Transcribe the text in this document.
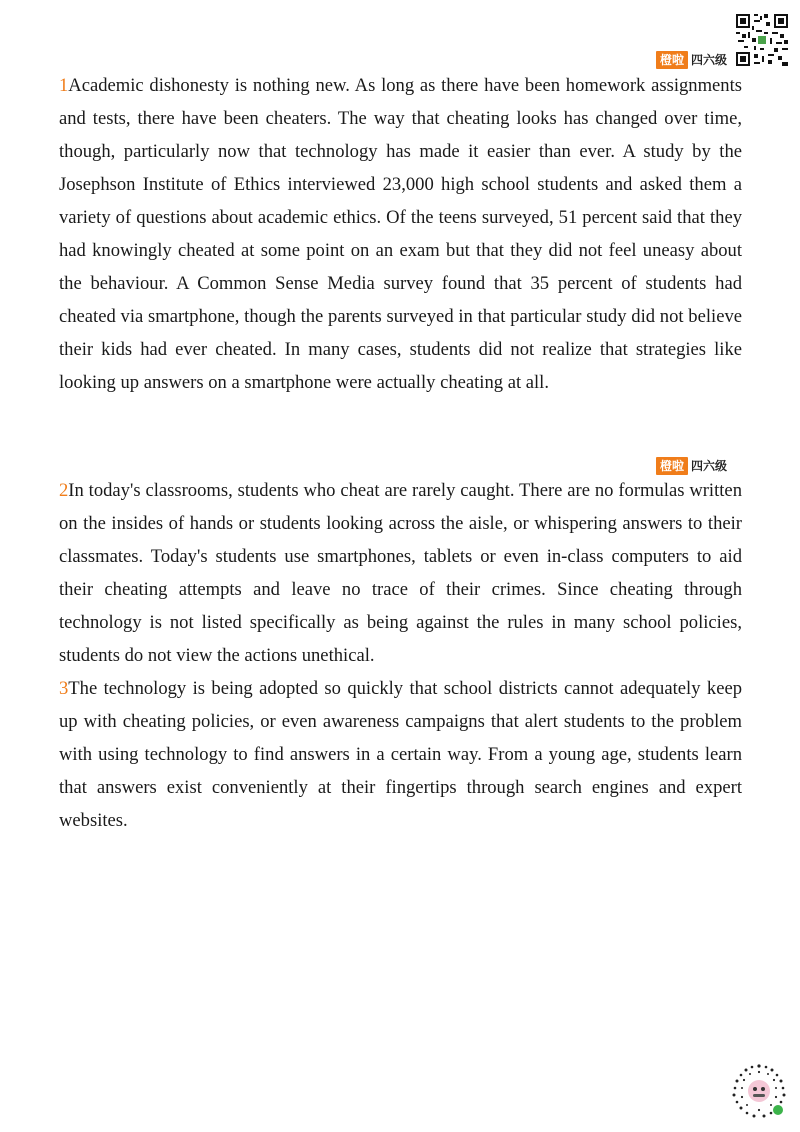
橙啦 四六级

1Academic dishonesty is nothing new. As long as there have been homework assignments and tests, there have been cheaters. The way that cheating looks has changed over time, though, particularly now that technology has made it easier than ever. A study by the Josephson Institute of Ethics interviewed 23,000 high school students and asked them a variety of questions about academic ethics. Of the teens surveyed, 51 percent said that they had knowingly cheated at some point on an exam but that they did not feel uneasy about the behaviour. A Common Sense Media survey found that 35 percent of students had cheated via smartphone, though the parents surveyed in that particular study did not believe their kids had ever cheated. In many cases, students did not realize that strategies like looking up answers on a smartphone were actually cheating at all.

橙啦 四六级

2In today's classrooms, students who cheat are rarely caught. There are no formulas written on the insides of hands or students looking across the aisle, or whispering answers to their classmates. Today's students use smartphones, tablets or even in-class computers to aid their cheating attempts and leave no trace of their crimes. Since cheating through technology is not listed specifically as being against the rules in many school policies, students do not view the actions unethical.

3The technology is being adopted so quickly that school districts cannot adequately keep up with cheating policies, or even awareness campaigns that alert students to the problem with using technology to find answers in a certain way. From a young age, students learn that answers exist conveniently at their fingertips through search engines and expert websites.
